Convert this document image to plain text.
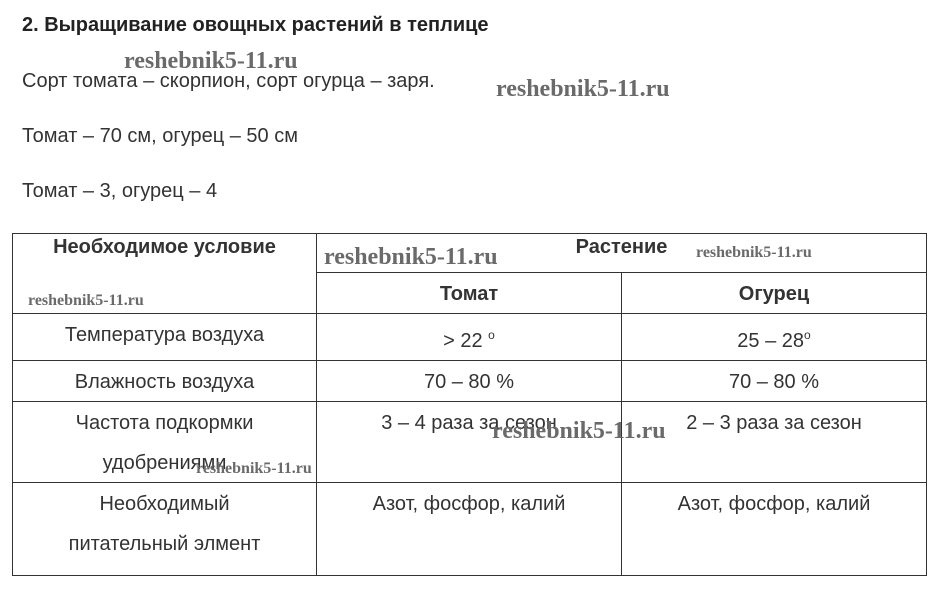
2. Выращивание овощных растений в теплице
Сорт томата – скорпион, сорт огурца – заря.
Томат – 70 см, огурец – 50 см
Томат – 3, огурец – 4
Необходимое условие	Растение	

	Томат	Огурец

Температура воздуха	> 22 $^о$	$25 - 28^о$

Влажность воздуха	70 – 80 %	70 – 80 %

Частота подкормки
удобрениями	3 – 4 раза за сезон	2 – 3 раза за сезон

Необходимый
питательный элмент	Азот, фосфор, калий	Азот, фосфор, калий
reshebnik5-11.ru
reshebnik5-11.ru
reshebnik5-11.ru	reshebnik5-11.ru
reshebnik5-11.ru
reshebnik5-11.ru
reshebnik5-11.ru
